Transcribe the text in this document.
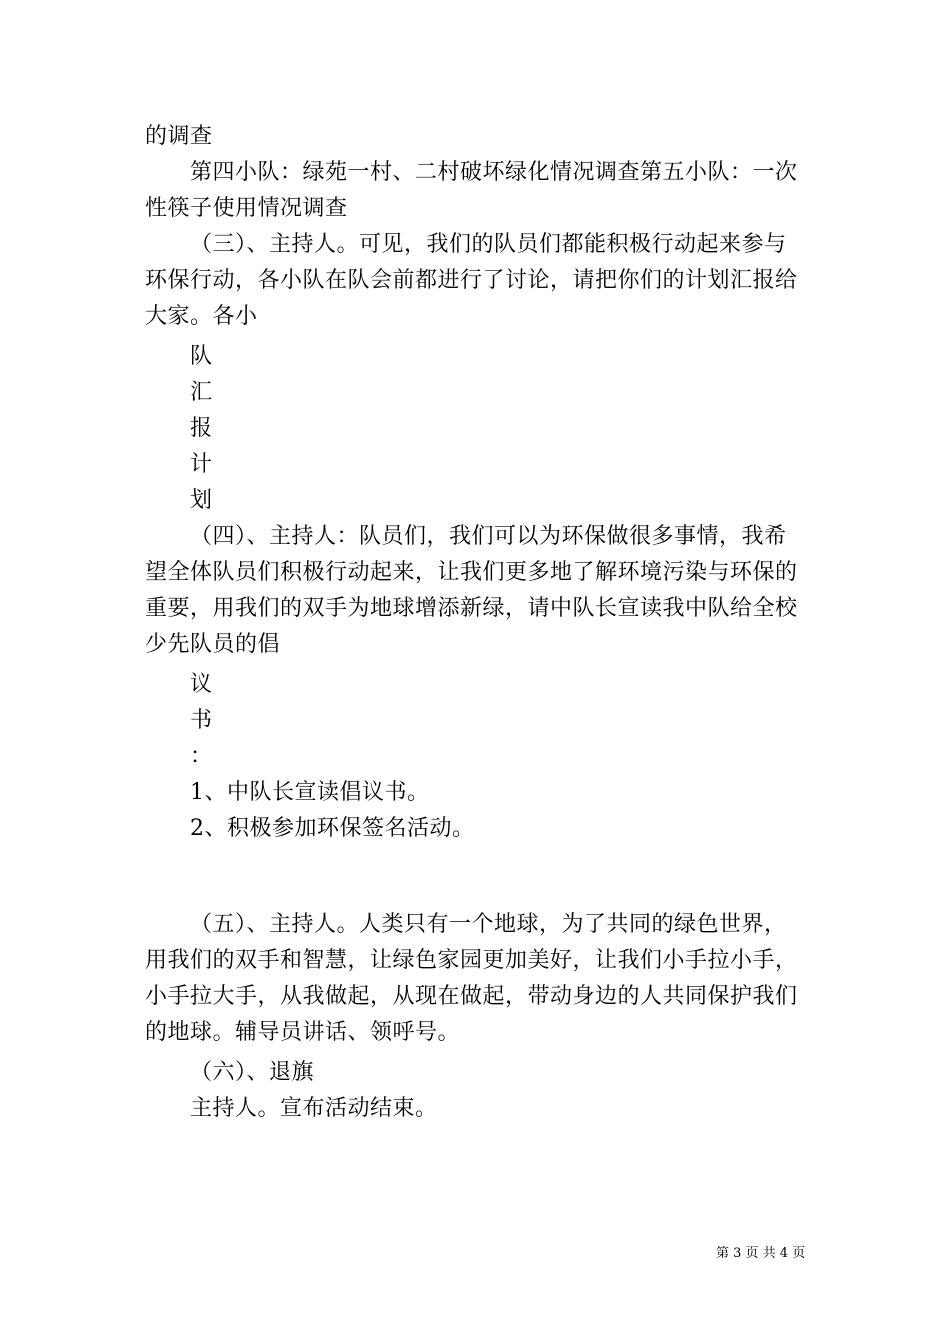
的调查
第四小队：绿苑一村、二村破坏绿化情况调查第五小队：一次
性筷子使用情况调查
（三）、主持人。可见，我们的队员们都能积极行动起来参与
环保行动，各小队在队会前都进行了讨论，请把你们的计划汇报给
大家。各小
队
汇
报
计
划
（四）、主持人：队员们，我们可以为环保做很多事情，我希
望全体队员们积极行动起来，让我们更多地了解环境污染与环保的
重要，用我们的双手为地球增添新绿，请中队长宣读我中队给全校
少先队员的倡
议
书
：
1、中队长宣读倡议书。
2、积极参加环保签名活动。
（五）、主持人。人类只有一个地球，为了共同的绿色世界，
用我们的双手和智慧，让绿色家园更加美好，让我们小手拉小手，
小手拉大手，从我做起，从现在做起，带动身边的人共同保护我们
的地球。辅导员讲话、领呼号。
（六）、退旗
主持人。宣布活动结束。
第 3 页 共 4 页
